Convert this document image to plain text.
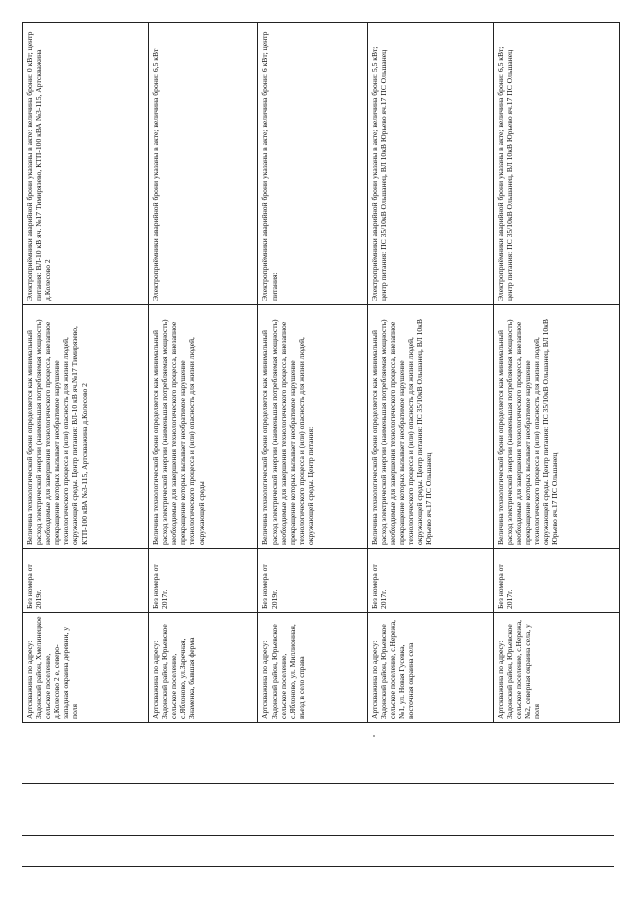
Артскважина по адресу: Задонский район, Хмелинецкое сельское поселение, д.Колесово 2 е, северо-западная окраина деревни, у поля	Без номера от 2019г.	Величина технологической брони определяется как минимальный расход электрической энергии (наименьшая потребляемая мощность) необходимые для завершения технологического процесса, внезапное прекращение которых вызывает необратимое нарушение технологического процесса и (или) опасность для жизни людей, окружающей среды. Центр питания: ВЛ-10 кВ яч.№17 Тимирязево, КТП-100 кВА №3-115, Артскважина д.Колесово 2	Электроприёмники аварийной брони указаны в акте: величина брони: 0 кВт; центр питания: ВЛ-10 кВ яч. №17 Тимирязево, КТП-100 кВА №3-115, Артскважина д.Колесово 2
Артскважина по адресу: Задонский район, Юрьевское сельское поселение, с.Яблоново, ул.Заречная, Знаменка, бывшая ферма	Без номера от 2017г.	Величина технологической брони определяется как минимальный расход электрической энергии (наименьшая потребляемая мощность) необходимые для завершения технологического процесса, внезапное прекращение которых вызывает необратимое нарушение технологического процесса и (или) опасность для жизни людей, окружающей среды	Электроприёмники аварийной брони указаны в акте; величина брони: 6,5 кВт
Артскважина по адресу: Задонский район, Юрьевское сельское поселение, с.Яблоново, ул. Миллионная, въезд в село справа	Без номера от 2019г.	Величина технологической брони определяется как минимальный расход электрической энергии (наименьшая потребляемая мощность) необходимые для завершения технологического процесса, внезапное прекращение которых вызывает необратимое нарушение технологического процесса и (или) опасность для жизни людей, окружающей среды. Центр питания:	Электроприёмники аварийной брони указаны в акте; величина брони: 6 кВт; центр питания:
Артскважина по адресу: Задонский район, Юрьевское сельское поселение, с.Нережа, №1, ул. Новая Гусевка, восточная окраина села	Без номера от 2017г.	Величина технологической брони определяется как минимальный расход электрической энергии (наименьшая потребляемая мощность) необходимые для завершения технологического процесса, внезапное прекращение которых вызывает необратимое нарушение технологического процесса и (или) опасность для жизни людей, окружающей среды. Центр питания: ПС 35/10кВ Ольшанец, ВЛ 10кВ Юрьево яч.17 ПС Ольшанец	Электроприёмники аварийной брони указаны в акте; величина брони: 5,5 кВт; центр питания: ПС 35/10кВ Ольшанец, ВЛ 10кВ Юрьево яч.17 ПС Ольшанец
Артскважина по адресу: Задонский район, Юрьевское сельское поселение, с.Нережа,№2, северная окраина села, у поля	Без номера от 2017г.	Величина технологической брони определяется как минимальный расход электрической энергии (наименьшая потребляемая мощность) необходимые для завершения технологического процесса, внезапное прекращение которых вызывает необратимое нарушение технологического процесса и (или) опасность для жизни людей, окружающей среды. Центр питания: ПС 35/10кВ Ольшанец, ВЛ 10кВ Юрьево яч.17 ПС Ольшанец	Электроприёмники аварийной брони указаны в акте; величина брони: 6,5 кВт; центр питания: ПС 35/10кВ Ольшанец, ВЛ 10кВ Юрьево яч.17 ПС Ольшанец
